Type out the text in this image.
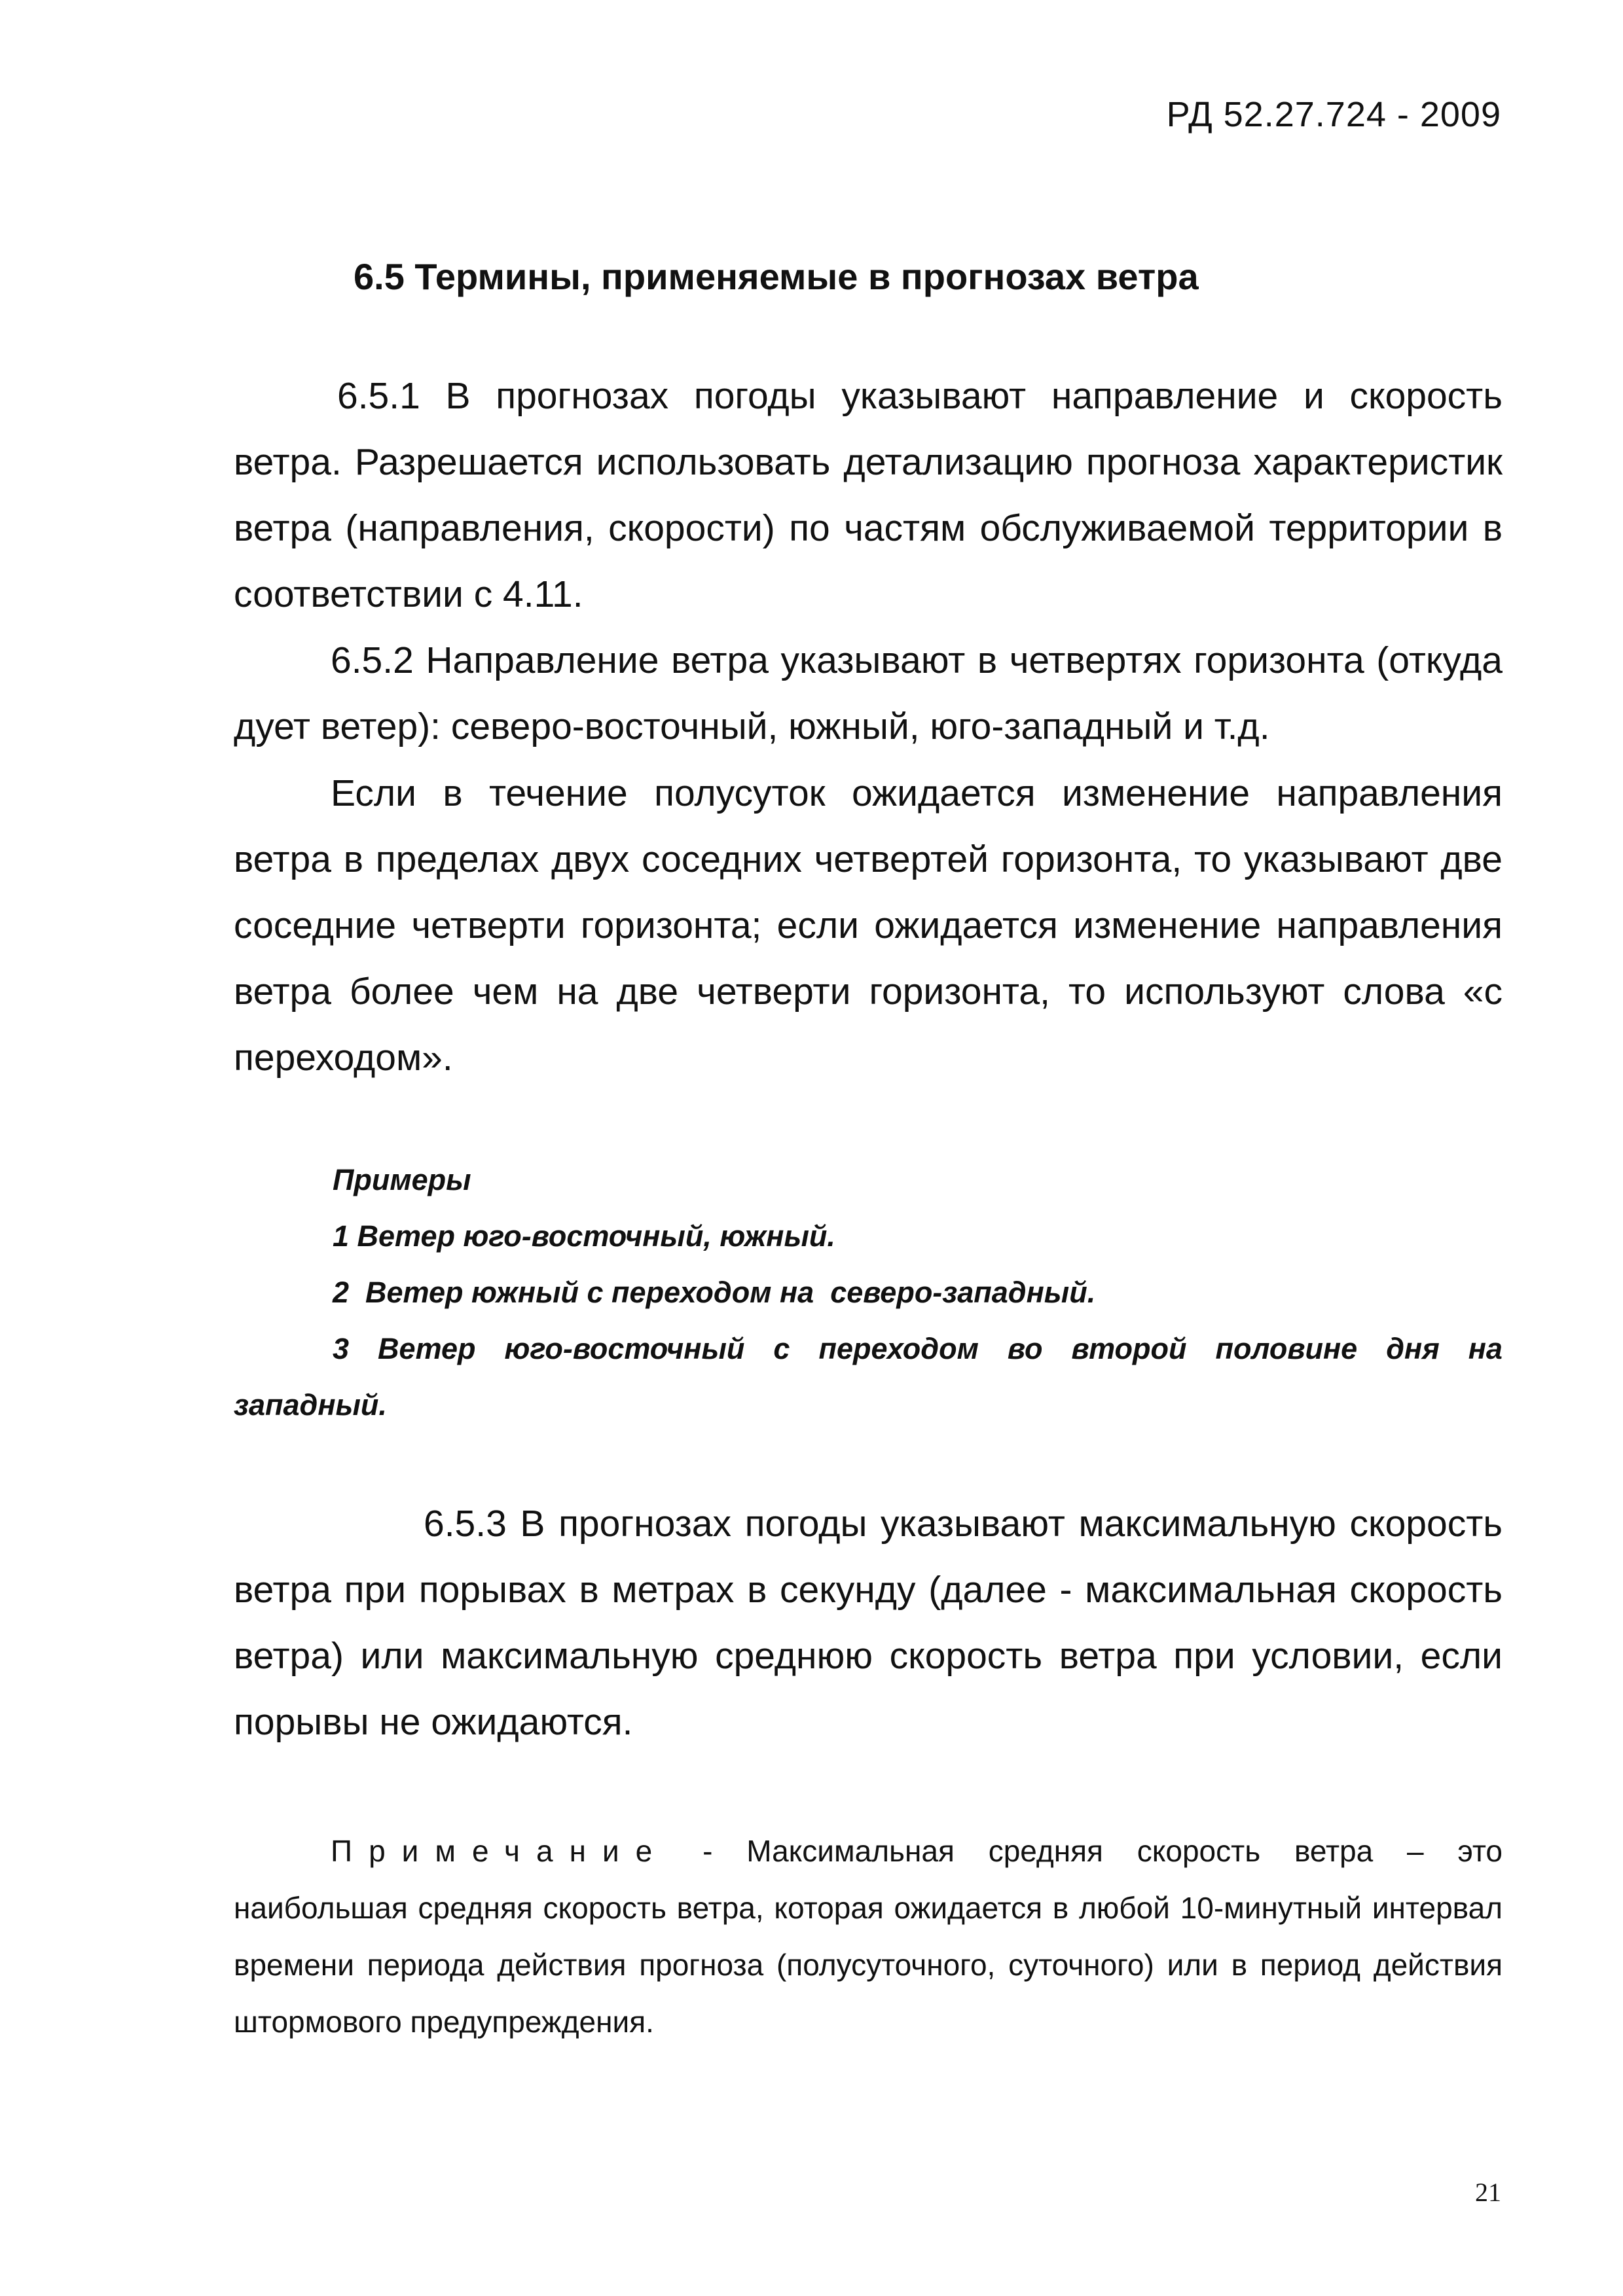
РД 52.27.724 - 2009
6.5 Термины, применяемые в прогнозах ветра

6.5.1 В прогнозах погоды указывают направление и скорость ветра. Разрешается использовать детализацию прогноза характеристик ветра (направления, скорости) по частям обслуживаемой территории в соответствии с 4.11.

6.5.2 Направление ветра указывают в четвертях горизонта (откуда дует ветер): северо-восточный, южный, юго-западный и т.д.

Если в течение полусуток ожидается изменение направления ветра в пределах двух соседних четвертей горизонта, то указывают две соседние четверти горизонта; если ожидается изменение направления ветра более чем на две четверти горизонта, то используют слова «с переходом».

Примеры
1 Ветер юго-восточный, южный.
2  Ветер южный с переходом на  северо-западный.
3 Ветер юго-восточный с переходом во второй половине дня на
западный.

6.5.3 В прогнозах погоды указывают максимальную скорость ветра при порывах в метрах в секунду (далее - максимальная скорость ветра) или максимальную среднюю скорость ветра при условии, если порывы не ожидаются.

Примечание - Максимальная средняя скорость ветра – это наибольшая средняя скорость ветра, которая ожидается в любой 10-минутный интервал времени периода действия прогноза (полусуточного, суточного) или в период действия штормового предупреждения.
21
